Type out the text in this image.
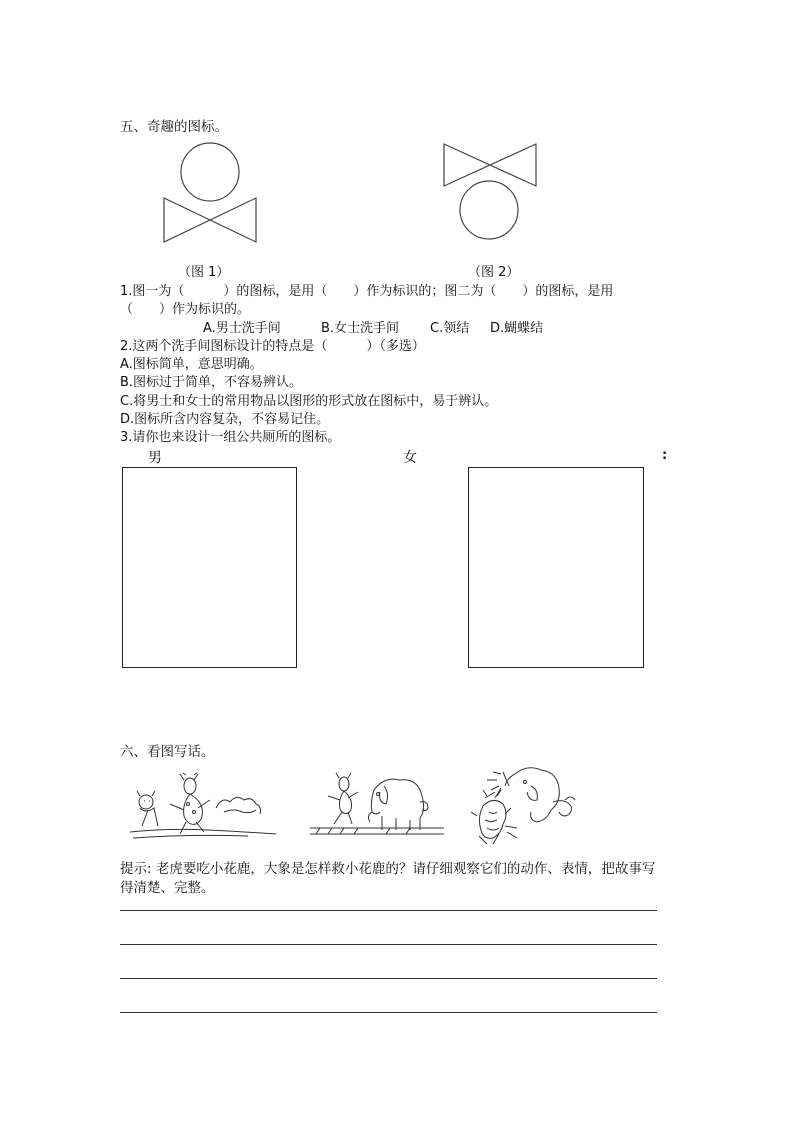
五、奇趣的图标。
（图 1）	（图 2）
1.图一为（　　　）的图标，是用（　　）作为标识的；图二为（　　）的图标，是用
（　　）作为标识的。
A.男士洗手间	B.女士洗手间 C.领结 D.蝴蝶结
2.这两个洗手间图标设计的特点是（　　　）（多选）
A.图标简单，意思明确。
B.图标过于简单，不容易辨认。
C.将男士和女士的常用物品以图形的形式放在图标中，易于辨认。
D.图标所含内容复杂，不容易记住。
3.请你也来设计一组公共厕所的图标。
男	女	:
六、看图写话。
提示: 老虎要吃小花鹿，大象是怎样救小花鹿的？请仔细观察它们的动作、表情，把故事写
得清楚、完整。
